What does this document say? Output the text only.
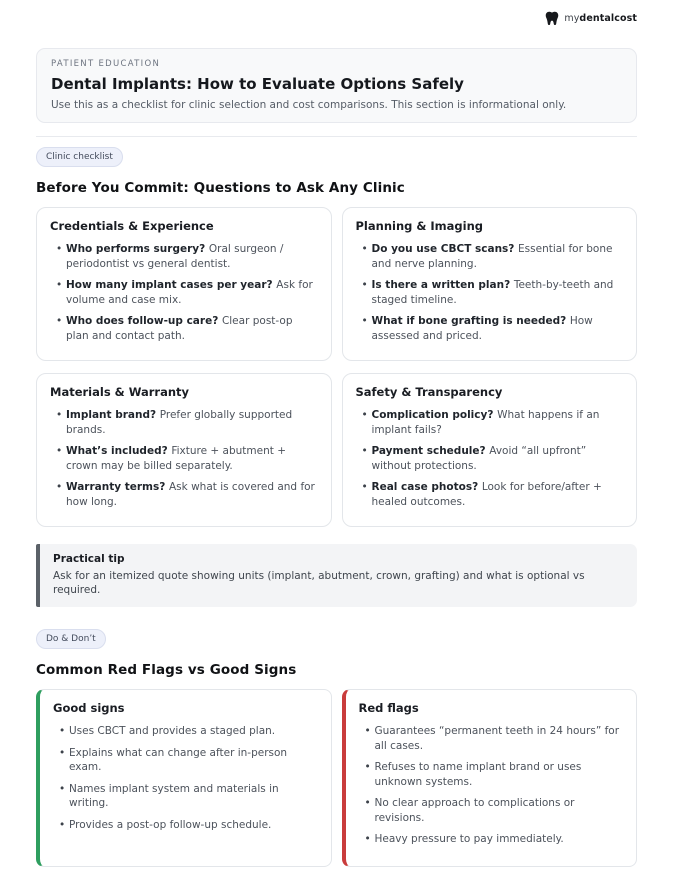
mydentalcost
PATIENT EDUCATION
Dental Implants: How to Evaluate Options Safely
Use this as a checklist for clinic selection and cost comparisons. This section is informational only.
Clinic checklist
Before You Commit: Questions to Ask Any Clinic
Credentials & Experience
• Who performs surgery? Oral surgeon / periodontist vs general dentist.
• How many implant cases per year? Ask for volume and case mix.
• Who does follow-up care? Clear post-op plan and contact path.
Planning & Imaging
• Do you use CBCT scans? Essential for bone and nerve planning.
• Is there a written plan? Teeth-by-teeth and staged timeline.
• What if bone grafting is needed? How assessed and priced.
Materials & Warranty
• Implant brand? Prefer globally supported brands.
• What’s included? Fixture + abutment + crown may be billed separately.
• Warranty terms? Ask what is covered and for how long.
Safety & Transparency
• Complication policy? What happens if an implant fails?
• Payment schedule? Avoid “all upfront” without protections.
• Real case photos? Look for before/after + healed outcomes.
Practical tip
Ask for an itemized quote showing units (implant, abutment, crown, grafting) and what is optional vs required.
Do & Don’t
Common Red Flags vs Good Signs
Good signs
• Uses CBCT and provides a staged plan.
• Explains what can change after in-person exam.
• Names implant system and materials in writing.
• Provides a post-op follow-up schedule.
Red flags
• Guarantees “permanent teeth in 24 hours” for all cases.
• Refuses to name implant brand or uses unknown systems.
• No clear approach to complications or revisions.
• Heavy pressure to pay immediately.
